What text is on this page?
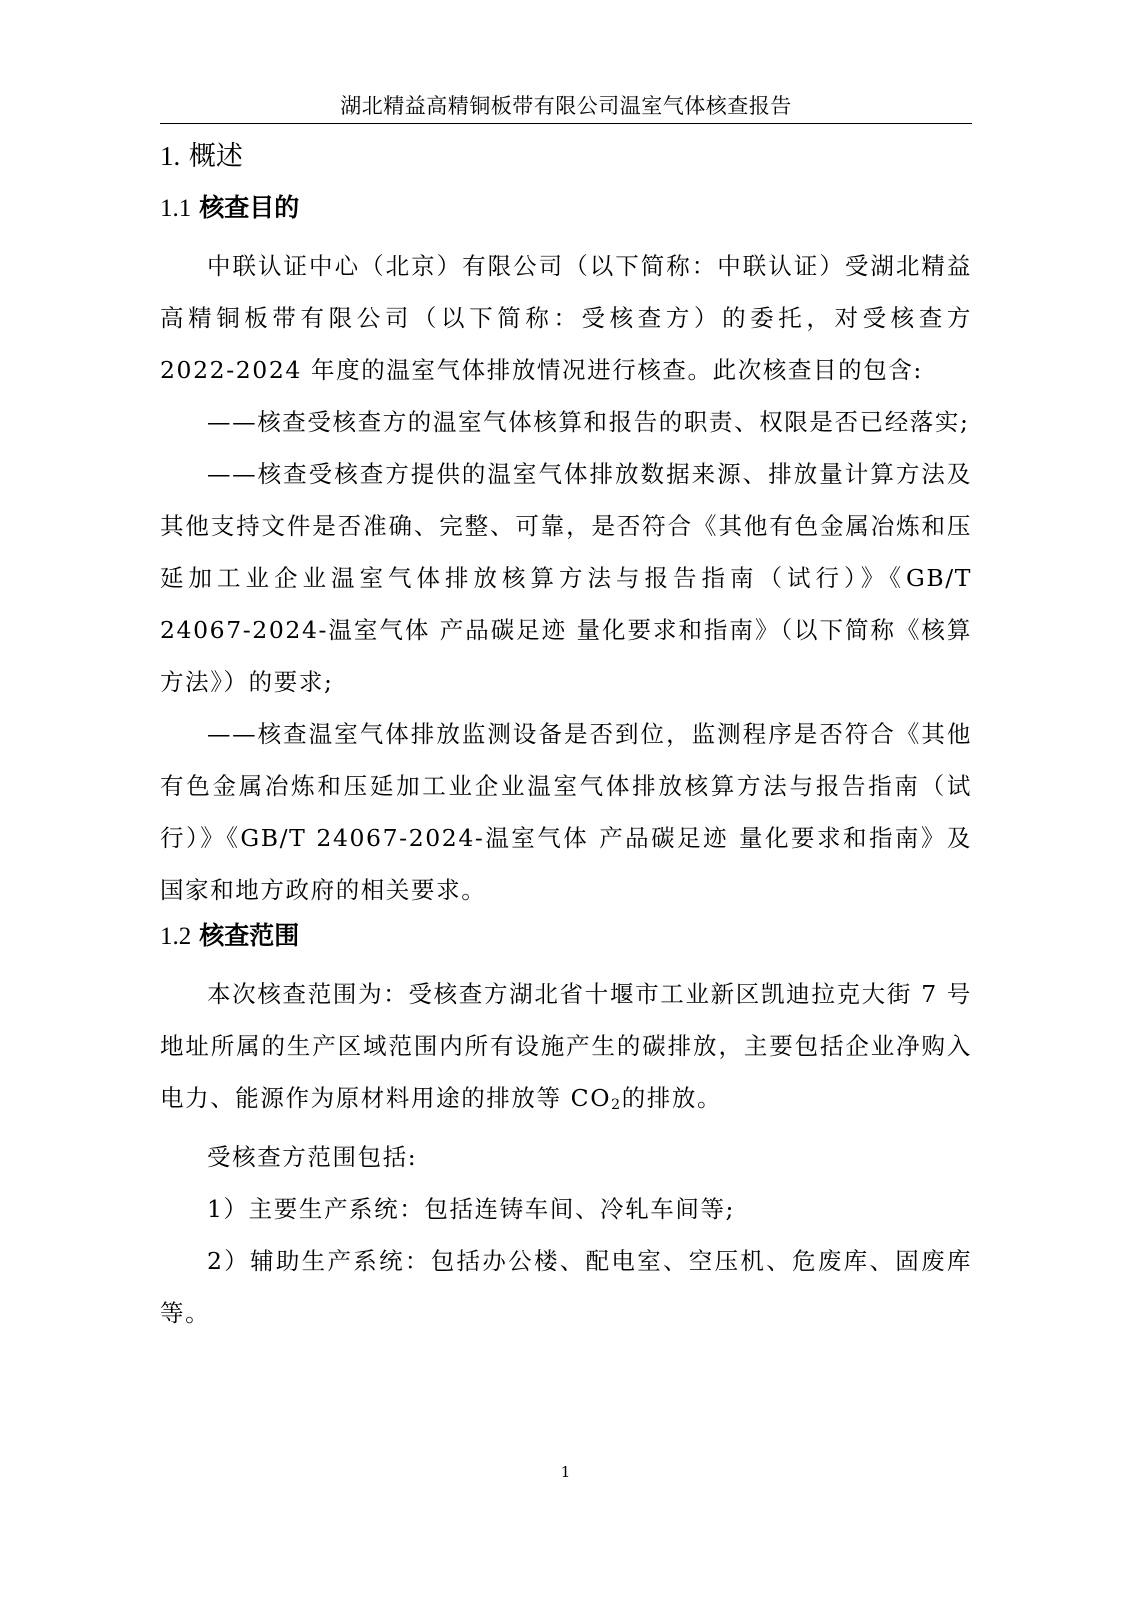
湖北精益高精铜板带有限公司温室气体核查报告
1. 概述
1.1 核查目的

中联认证中心（北京）有限公司（以下简称：中联认证）受湖北精益高精铜板带有限公司（以下简称：受核查方）的委托，对受核查方 2022-2024 年度的温室气体排放情况进行核查。此次核查目的包含:

——核查受核查方的温室气体核算和报告的职责、权限是否已经落实;

——核查受核查方提供的温室气体排放数据来源、排放量计算方法及其他支持文件是否准确、完整、可靠，是否符合《其他有色金属冶炼和压延加工业企业温室气体排放核算方法与报告指南（试行）》《GB/T 24067-2024-温室气体 产品碳足迹 量化要求和指南》（以下简称《核算方法》）的要求;

——核查温室气体排放监测设备是否到位，监测程序是否符合《其他有色金属冶炼和压延加工业企业温室气体排放核算方法与报告指南（试行）》《GB/T 24067-2024-温室气体 产品碳足迹 量化要求和指南》及国家和地方政府的相关要求。

1.2 核查范围

本次核查范围为：受核查方湖北省十堰市工业新区凯迪拉克大街 7 号地址所属的生产区域范围内所有设施产生的碳排放，主要包括企业净购入电力、能源作为原材料用途的排放等 $CO_2$的排放。

受核查方范围包括:

1）主要生产系统：包括连铸车间、冷轧车间等;

2）辅助生产系统：包括办公楼、配电室、空压机、危废库、固废库等。

1
